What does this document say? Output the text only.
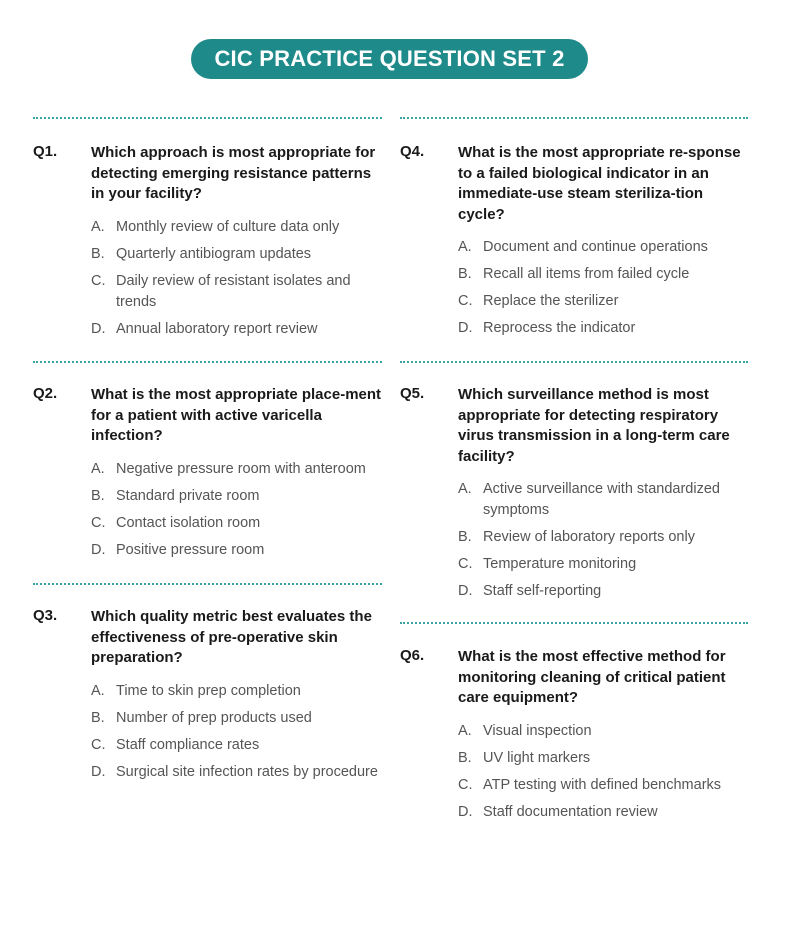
CIC PRACTICE QUESTION SET 2
Q1. Which approach is most appropriate for detecting emerging resistance patterns in your facility?
A. Monthly review of culture data only
B. Quarterly antibiogram updates
C. Daily review of resistant isolates and trends
D. Annual laboratory report review
Q2. What is the most appropriate place-ment for a patient with active varicella infection?
A. Negative pressure room with anteroom
B. Standard private room
C. Contact isolation room
D. Positive pressure room
Q3. Which quality metric best evaluates the effectiveness of pre-operative skin preparation?
A. Time to skin prep completion
B. Number of prep products used
C. Staff compliance rates
D. Surgical site infection rates by procedure
Q4. What is the most appropriate re-sponse to a failed biological indicator in an immediate-use steam steriliza-tion cycle?
A. Document and continue operations
B. Recall all items from failed cycle
C. Replace the sterilizer
D. Reprocess the indicator
Q5. Which surveillance method is most appropriate for detecting respiratory virus transmission in a long-term care facility?
A. Active surveillance with standardized symptoms
B. Review of laboratory reports only
C. Temperature monitoring
D. Staff self-reporting
Q6. What is the most effective method for monitoring cleaning of critical patient care equipment?
A. Visual inspection
B. UV light markers
C. ATP testing with defined benchmarks
D. Staff documentation review
